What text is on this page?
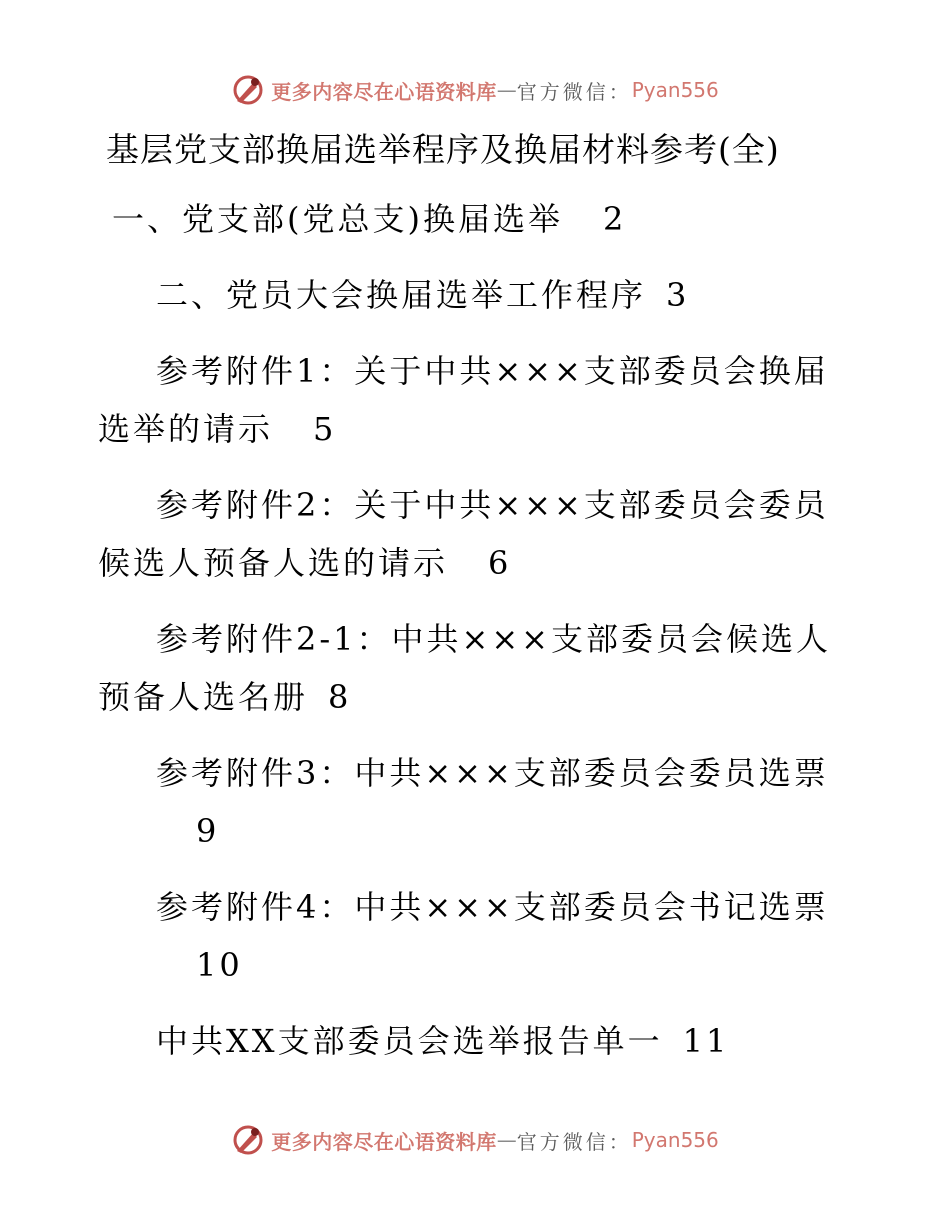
更多内容尽在心语资料库 — 官方微信： Pyan556
基层党支部换届选举程序及换届材料参考(全)
一、党支部(党总支)换届选举 2
二、党员大会换届选举工作程序 3
参考附件1：关于中共×××支部委员会换届选举的请示 5
参考附件2：关于中共×××支部委员会委员候选人预备人选的请示 6
参考附件2-1：中共×××支部委员会候选人预备人选名册 8
参考附件3：中共×××支部委员会委员选票
9
参考附件4：中共×××支部委员会书记选票
10
中共XX支部委员会选举报告单一 11
更多内容尽在心语资料库 — 官方微信： Pyan556
